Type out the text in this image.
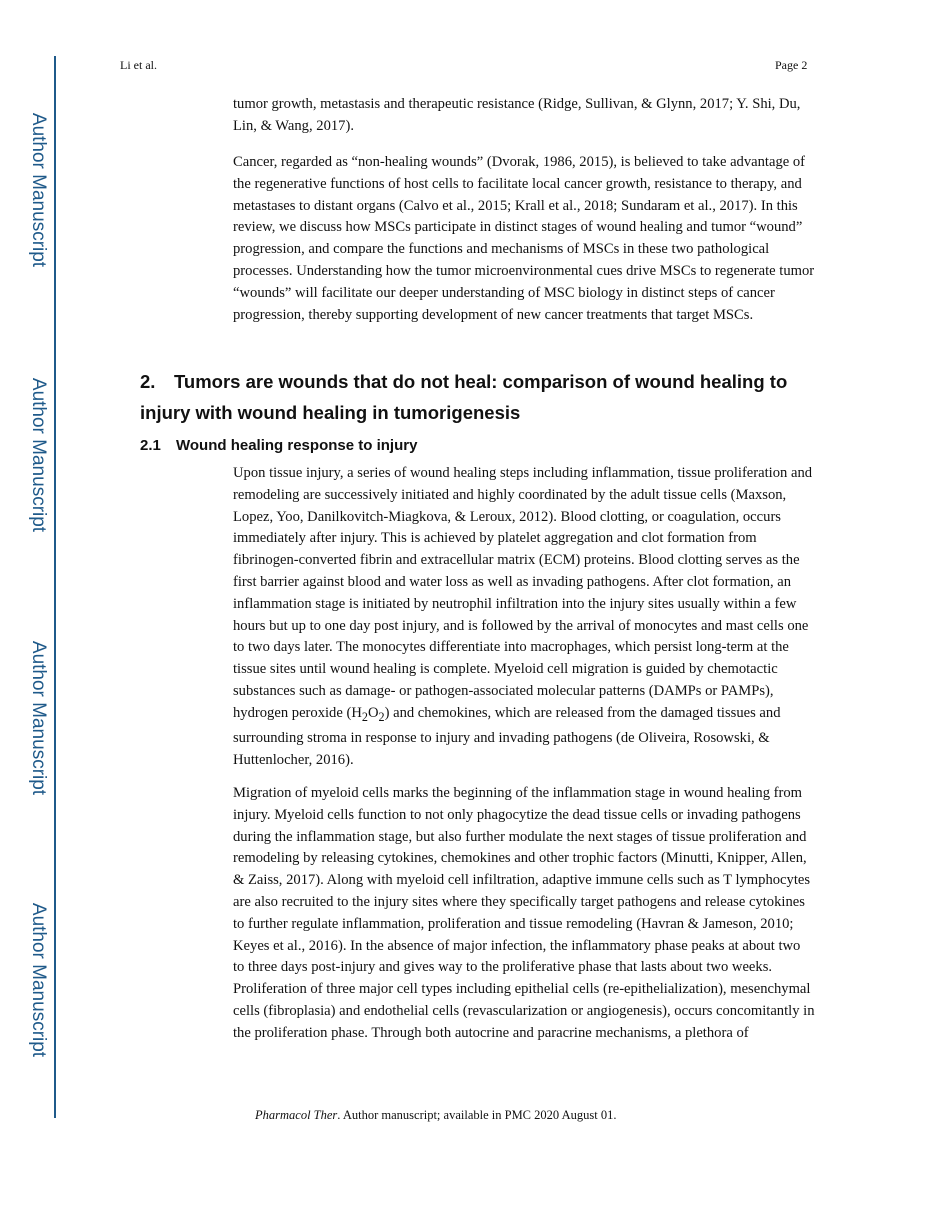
Author Manuscript
Author Manuscript
Author Manuscript
Author Manuscript
Li et al.	Page 2

tumor growth, metastasis and therapeutic resistance (Ridge, Sullivan, & Glynn, 2017; Y. Shi, Du, Lin, & Wang, 2017).

Cancer, regarded as “non-healing wounds” (Dvorak, 1986, 2015), is believed to take advantage of the regenerative functions of host cells to facilitate local cancer growth, resistance to therapy, and metastases to distant organs (Calvo et al., 2015; Krall et al., 2018; Sundaram et al., 2017). In this review, we discuss how MSCs participate in distinct stages of wound healing and tumor “wound” progression, and compare the functions and mechanisms of MSCs in these two pathological processes. Understanding how the tumor microenvironmental cues drive MSCs to regenerate tumor “wounds” will facilitate our deeper understanding of MSC biology in distinct steps of cancer progression, thereby supporting development of new cancer treatments that target MSCs.

2. Tumors are wounds that do not heal: comparison of wound healing to injury with wound healing in tumorigenesis
2.1 Wound healing response to injury

Upon tissue injury, a series of wound healing steps including inflammation, tissue proliferation and remodeling are successively initiated and highly coordinated by the adult tissue cells (Maxson, Lopez, Yoo, Danilkovitch-Miagkova, & Leroux, 2012). Blood clotting, or coagulation, occurs immediately after injury. This is achieved by platelet aggregation and clot formation from fibrinogen-converted fibrin and extracellular matrix (ECM) proteins. Blood clotting serves as the first barrier against blood and water loss as well as invading pathogens. After clot formation, an inflammation stage is initiated by neutrophil infiltration into the injury sites usually within a few hours but up to one day post injury, and is followed by the arrival of monocytes and mast cells one to two days later. The monocytes differentiate into macrophages, which persist long-term at the tissue sites until wound healing is complete. Myeloid cell migration is guided by chemotactic substances such as damage- or pathogen-associated molecular patterns (DAMPs or PAMPs), hydrogen peroxide $(H_2O_2)$ and chemokines, which are released from the damaged tissues and surrounding stroma in response to injury and invading pathogens (de Oliveira, Rosowski, & Huttenlocher, 2016).

Migration of myeloid cells marks the beginning of the inflammation stage in wound healing from injury. Myeloid cells function to not only phagocytize the dead tissue cells or invading pathogens during the inflammation stage, but also further modulate the next stages of tissue proliferation and remodeling by releasing cytokines, chemokines and other trophic factors (Minutti, Knipper, Allen, & Zaiss, 2017). Along with myeloid cell infiltration, adaptive immune cells such as T lymphocytes are also recruited to the injury sites where they specifically target pathogens and release cytokines to further regulate inflammation, proliferation and tissue remodeling (Havran & Jameson, 2010; Keyes et al., 2016). In the absence of major infection, the inflammatory phase peaks at about two to three days post-injury and gives way to the proliferative phase that lasts about two weeks. Proliferation of three major cell types including epithelial cells (re-epithelialization), mesenchymal cells (fibroplasia) and endothelial cells (revascularization or angiogenesis), occurs concomitantly in the proliferation phase. Through both autocrine and paracrine mechanisms, a plethora of

Pharmacol Ther. Author manuscript; available in PMC 2020 August 01.
